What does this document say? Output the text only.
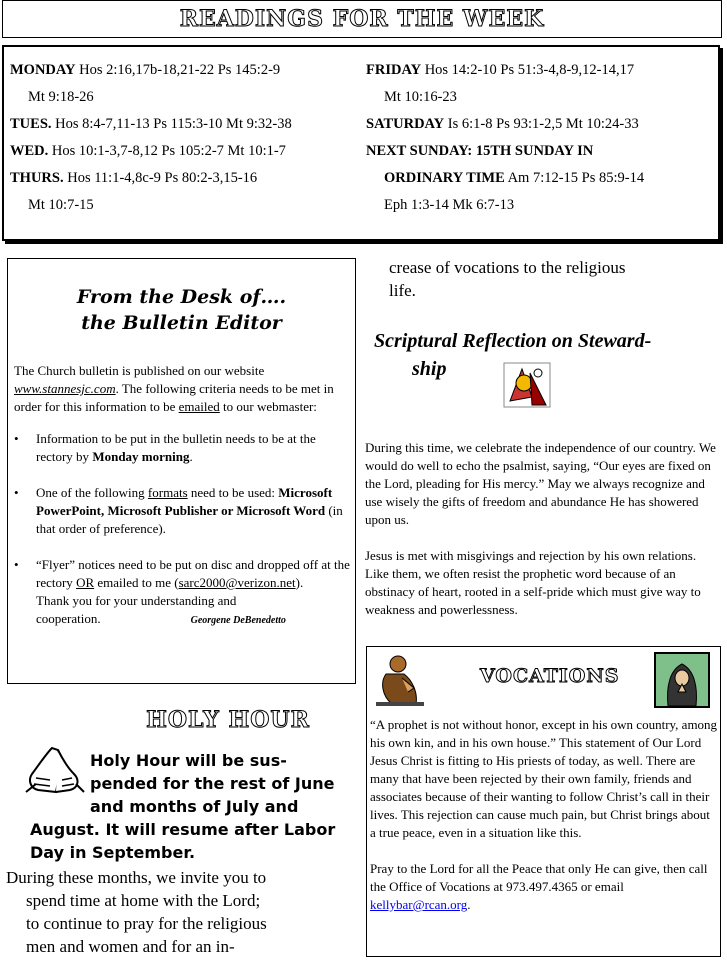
READINGS FOR THE WEEK

MONDAY Hos 2:16,17b-18,21-22 Ps 145:2-9

Mt 9:18-26

TUES. Hos 8:4-7,11-13 Ps 115:3-10 Mt 9:32-38

WED. Hos 10:1-3,7-8,12 Ps 105:2-7 Mt 10:1-7

THURS. Hos 11:1-4,8c-9 Ps 80:2-3,15-16

Mt 10:7-15

FRIDAY Hos 14:2-10 Ps 51:3-4,8-9,12-14,17

Mt 10:16-23

SATURDAY Is 6:1-8 Ps 93:1-2,5 Mt 10:24-33

NEXT SUNDAY: 15TH SUNDAY IN

ORDINARY TIME Am 7:12-15 Ps 85:9-14

Eph 1:3-14 Mk 6:7-13

From the Desk of….
the Bulletin Editor

The Church bulletin is published on our website www.stannesjc.com. The following criteria needs to be met in order for this information to be emailed to our webmaster:

• Information to be put in the bulletin needs to be at the rectory by Monday morning.
• One of the following formats need to be used: Microsoft PowerPoint, Microsoft Publisher or Microsoft Word (in that order of preference).
• “Flyer” notices need to be put on disc and dropped off at the rectory OR emailed to me (sarc2000@verizon.net).
Thank you for your understanding and cooperation.	Georgene DeBenedetto
HOLY HOUR
Holy Hour will be sus-
pended for the rest of June
and months of July and
August. It will resume after Labor
Day in September.
During these months, we invite you to
spend time at home with the Lord;
to continue to pray for the religious
men and women and for an in-
crease of vocations to the religious
life.
Scriptural Reflection on Steward-
ship

During this time, we celebrate the independence of our country. We would do well to echo the psalmist, saying, “Our eyes are fixed on the Lord, pleading for His mercy.” May we always recognize and use wisely the gifts of freedom and abundance He has showered upon us.

Jesus is met with misgivings and rejection by his own relations. Like them, we often resist the prophetic word because of an obstinacy of heart, rooted in a self-pride which must give way to weakness and powerlessness.

VOCATIONS

“A prophet is not without honor, except in his own country, among his own kin, and in his own house.” This statement of Our Lord Jesus Christ is fitting to His priests of today, as well. There are many that have been rejected by their own family, friends and associates because of their wanting to follow Christ’s call in their lives. This rejection can cause much pain, but Christ brings about a true peace, even in a situation like this.

Pray to the Lord for all the Peace that only He can give, then call the Office of Vocations at 973.497.4365 or email kellybar@rcan.org.
